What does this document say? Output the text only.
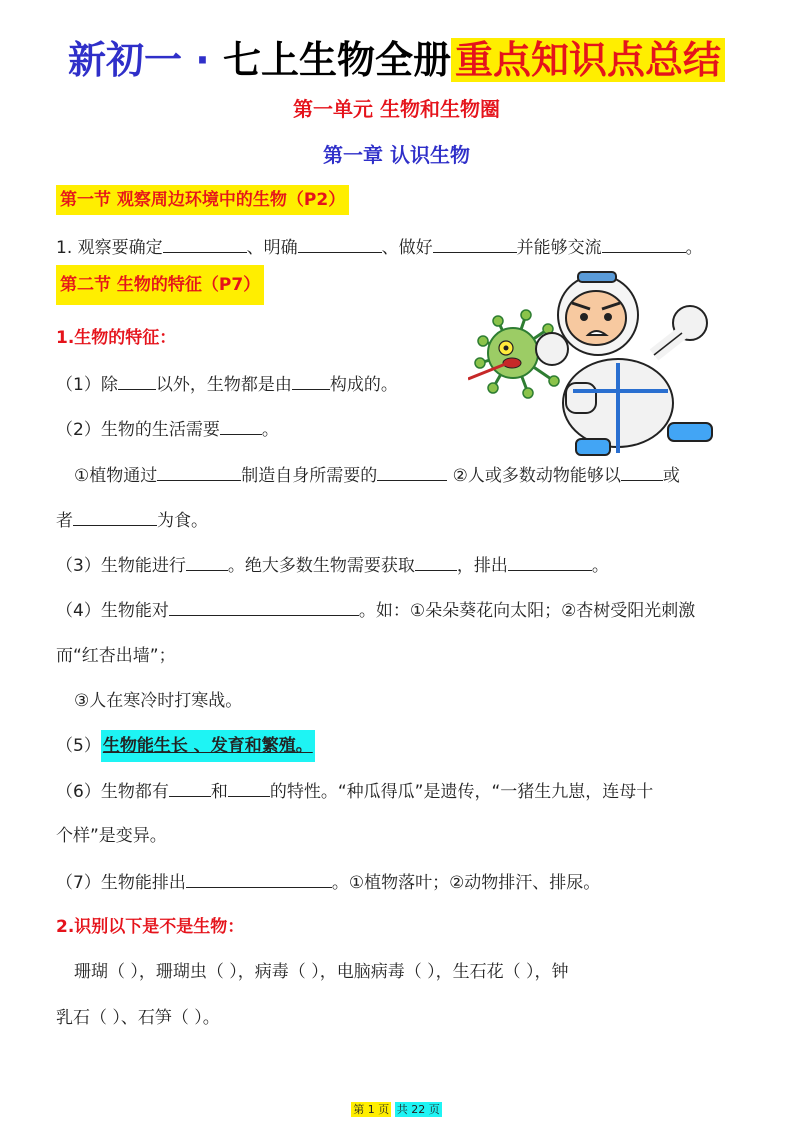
新初一 · 七上生物全册 重点知识点总结
第一单元 生物和生物圈
第一章 认识生物
第一节 观察周边环境中的生物（P2）
1. 观察要确定	、明确	、做好	并能够交流	。
第二节 生物的特征（P7）
1.生物的特征：
（1）除 以外，生物都是由 构成的。
（2）生物的生活需要 。
①植物通过	制造自身所需要的	②人或多数动物能够以 或
者	为食。
（3）生物能进行 。绝大多数生物需要获取 ，排出	。
（4）生物能对	。如：①朵朵葵花向太阳；②杏树受阳光刺激
而“红杏出墙”；
③人在寒冷时打寒战。
（5） 生物能生长 、发育和繁殖。
（6）生物都有 和 的特性。“种瓜得瓜”是遗传，“一猪生九崽，连母十
个样”是变异。
（7）生物能排出	。①植物落叶；②动物排汗、排尿。
2.识别以下是不是生物：
珊瑚（ ），珊瑚虫（ ），病毒（ ），电脑病毒（ ），生石花（ ），钟
乳石（ ）、石笋（ ）。
第 1 页 共 22 页
